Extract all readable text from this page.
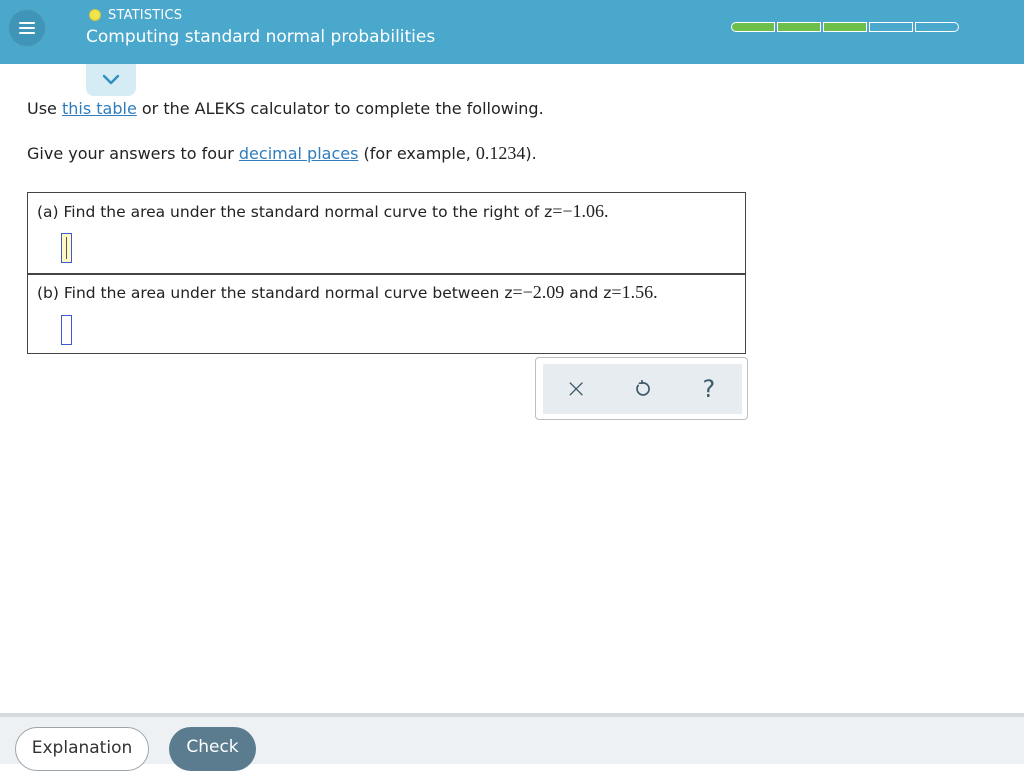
STATISTICS
Computing standard normal probabilities
Use this table or the ALEKS calculator to complete the following.
Give your answers to four decimal places (for example, 0.1234).
(a) Find the area under the standard normal curve to the right of z=−1.06.
(b) Find the area under the standard normal curve between z=−2.09 and z=1.56.
×	?
Explanation	Check
